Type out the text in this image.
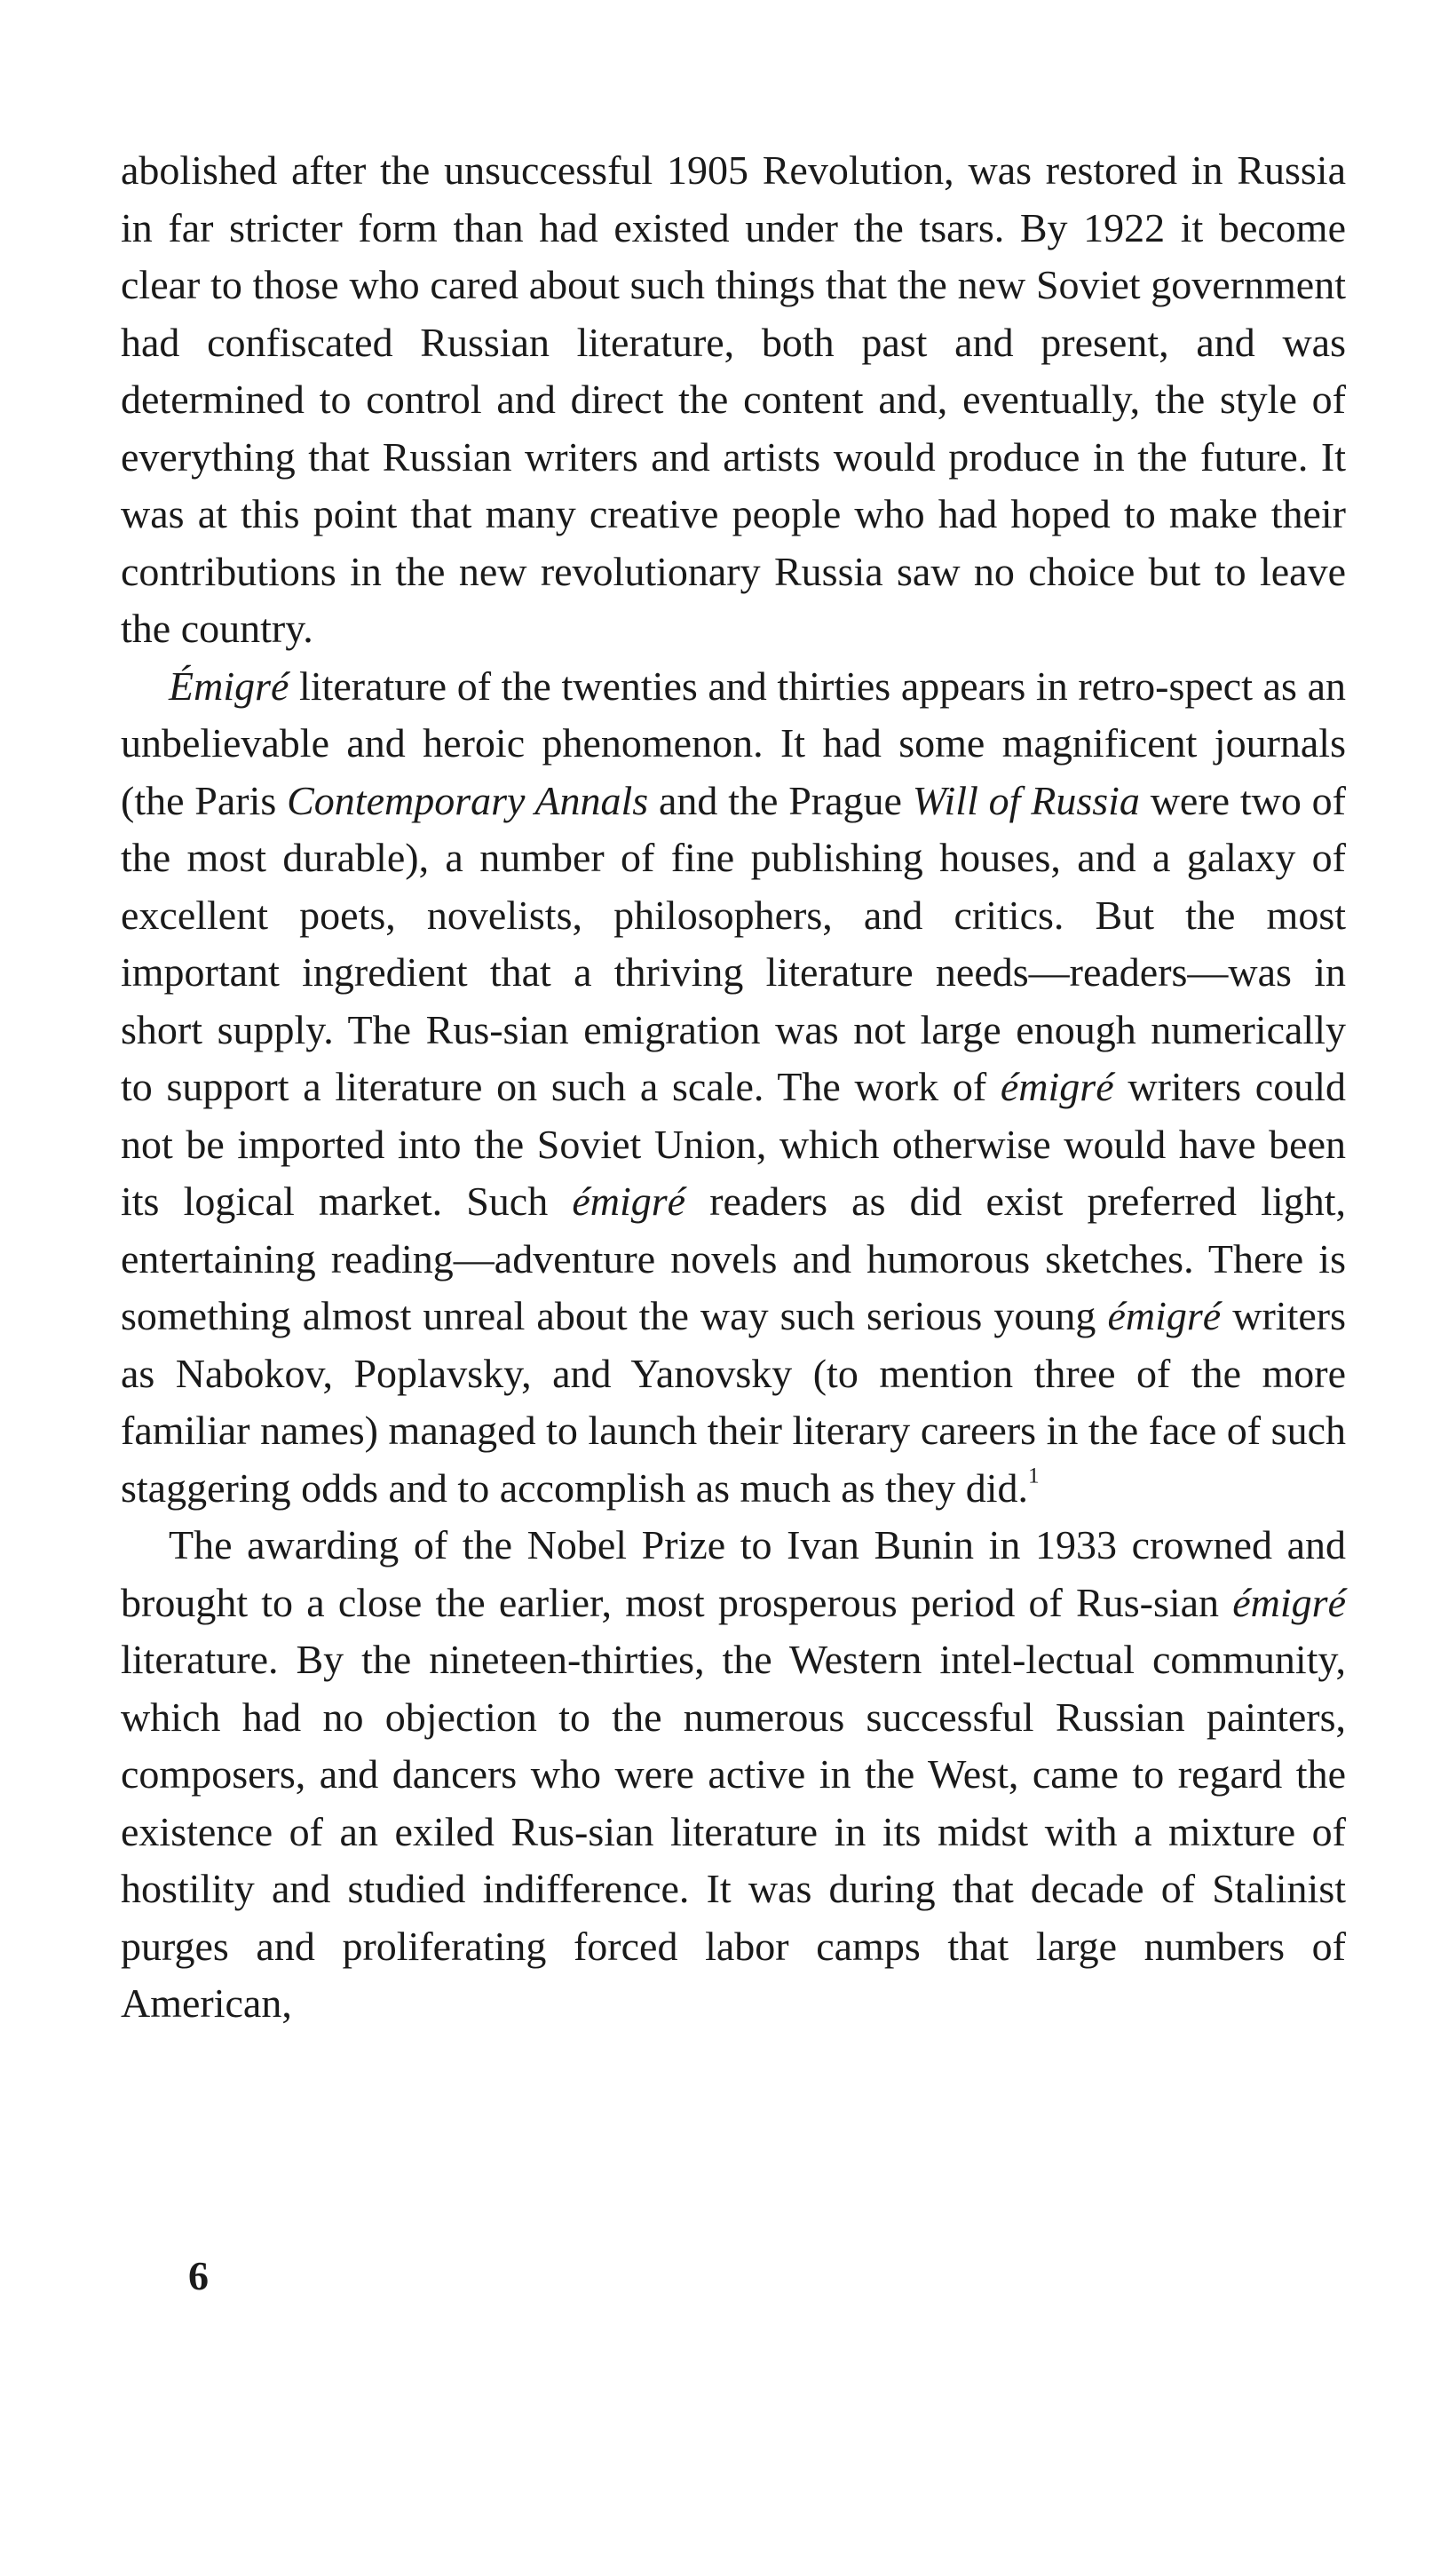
abolished after the unsuccessful 1905 Revolution, was restored in Russia in far stricter form than had existed under the tsars. By 1922 it become clear to those who cared about such things that the new Soviet government had confiscated Russian literature, both past and present, and was determined to control and direct the content and, eventually, the style of everything that Russian writers and artists would produce in the future. It was at this point that many creative people who had hoped to make their contributions in the new revolutionary Russia saw no choice but to leave the country.

Émigré literature of the twenties and thirties appears in retro-spect as an unbelievable and heroic phenomenon. It had some magnificent journals (the Paris Contemporary Annals and the Prague Will of Russia were two of the most durable), a number of fine publishing houses, and a galaxy of excellent poets, novelists, philosophers, and critics. But the most important ingredient that a thriving literature needs—readers—was in short supply. The Rus-sian emigration was not large enough numerically to support a literature on such a scale. The work of émigré writers could not be imported into the Soviet Union, which otherwise would have been its logical market. Such émigré readers as did exist preferred light, entertaining reading—adventure novels and humorous sketches. There is something almost unreal about the way such serious young émigré writers as Nabokov, Poplavsky, and Yanovsky (to mention three of the more familiar names) managed to launch their literary careers in the face of such staggering odds and to accomplish as much as they did.$^1$

The awarding of the Nobel Prize to Ivan Bunin in 1933 crowned and brought to a close the earlier, most prosperous period of Rus-sian émigré literature. By the nineteen-thirties, the Western intel-lectual community, which had no objection to the numerous successful Russian painters, composers, and dancers who were active in the West, came to regard the existence of an exiled Rus-sian literature in its midst with a mixture of hostility and studied indifference. It was during that decade of Stalinist purges and proliferating forced labor camps that large numbers of American,

6
